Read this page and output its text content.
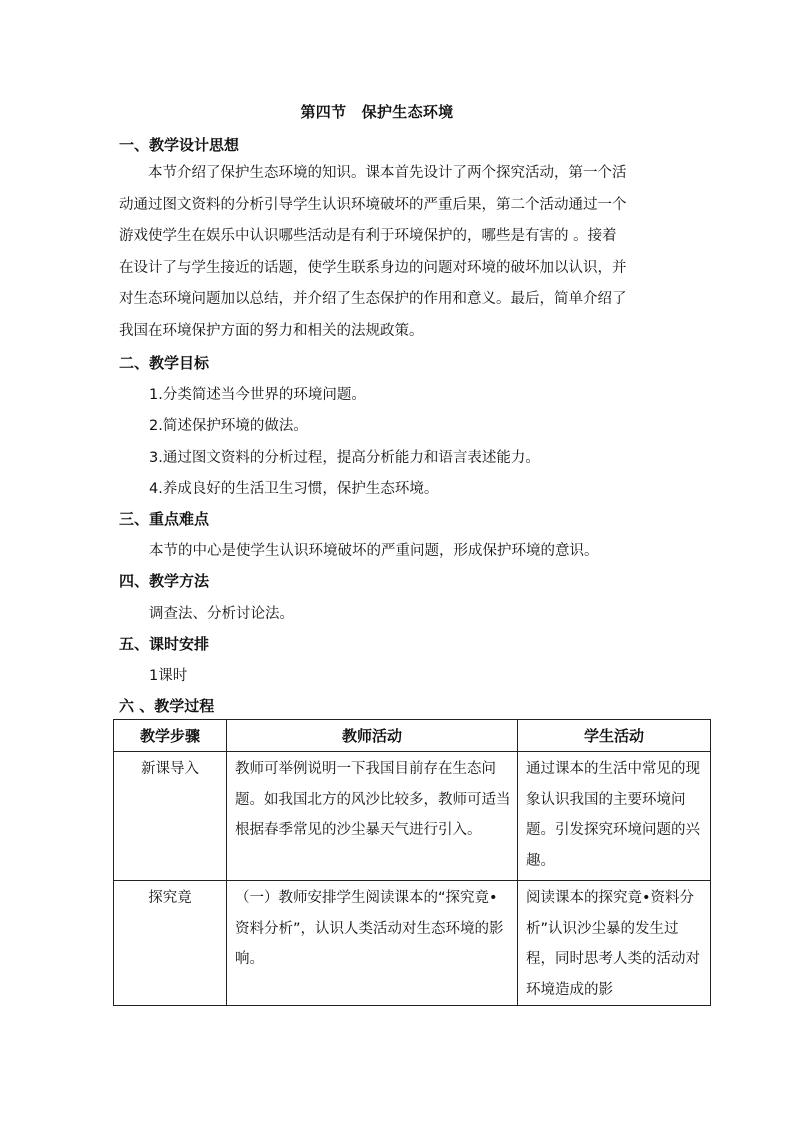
第四节　保护生态环境
一、教学设计思想

本节介绍了保护生态环境的知识。课本首先设计了两个探究活动，第一个活

动通过图文资料的分析引导学生认识环境破坏的严重后果，第二个活动通过一个

游戏使学生在娱乐中认识哪些活动是有利于环境保护的，哪些是有害的 。接着

在设计了与学生接近的话题，使学生联系身边的问题对环境的破坏加以认识，并

对生态环境问题加以总结，并介绍了生态保护的作用和意义。最后，简单介绍了

我国在环境保护方面的努力和相关的法规政策。

二、教学目标
1.分类简述当今世界的环境问题。
2.简述保护环境的做法。
3.通过图文资料的分析过程，提高分析能力和语言表述能力。
4.养成良好的生活卫生习惯，保护生态环境。
三、重点难点
本节的中心是使学生认识环境破坏的严重问题，形成保护环境的意识。
四、教学方法
调查法、分析讨论法。
五、课时安排
1课时
六 、教学过程
教学步骤	教师活动	学生活动
新课导入	教师可举例说明一下我国目前存在生态问题。如我国北方的风沙比较多，教师可适当根据春季常见的沙尘暴天气进行引入。	通过课本的生活中常见的现象认识我国的主要环境问题。引发探究环境问题的兴趣。
探究竟	（一）教师安排学生阅读课本的“探究竟•资料分析”，认识人类活动对生态环境的影响。	阅读课本的探究竟•资料分析”认识沙尘暴的发生过程，同时思考人类的活动对环境造成的影
